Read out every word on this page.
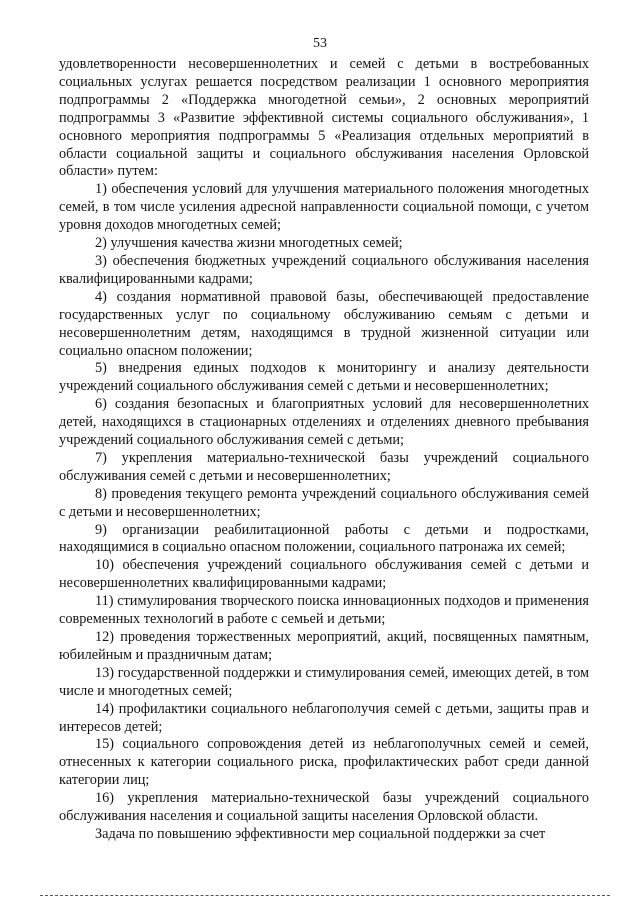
53

удовлетворенности несовершеннолетних и семей с детьми в востребованных социальных услугах решается посредством реализации 1 основного мероприятия подпрограммы 2 «Поддержка многодетной семьи», 2 основных мероприятий подпрограммы 3 «Развитие эффективной системы социального обслуживания», 1 основного мероприятия подпрограммы 5 «Реализация отдельных мероприятий в области социальной защиты и социального обслуживания населения Орловской области» путем:

1) обеспечения условий для улучшения материального положения многодетных семей, в том числе усиления адресной направленности социальной помощи, с учетом уровня доходов многодетных семей;

2) улучшения качества жизни многодетных семей;

3) обеспечения бюджетных учреждений социального обслуживания населения квалифицированными кадрами;

4) создания нормативной правовой базы, обеспечивающей предоставление государственных услуг по социальному обслуживанию семьям с детьми и несовершеннолетним детям, находящимся в трудной жизненной ситуации или социально опасном положении;

5) внедрения единых подходов к мониторингу и анализу деятельности учреждений социального обслуживания семей с детьми и несовершеннолетних;

6) создания безопасных и благоприятных условий для несовершеннолетних детей, находящихся в стационарных отделениях и отделениях дневного пребывания учреждений социального обслуживания семей с детьми;

7) укрепления материально-технической базы учреждений социального обслуживания семей с детьми и несовершеннолетних;

8) проведения текущего ремонта учреждений социального обслуживания семей с детьми и несовершеннолетних;

9) организации реабилитационной работы с детьми и подростками, находящимися в социально опасном положении, социального патронажа их семей;

10) обеспечения учреждений социального обслуживания семей с детьми и несовершеннолетних квалифицированными кадрами;

11) стимулирования творческого поиска инновационных подходов и применения современных технологий в работе с семьей и детьми;

12) проведения торжественных мероприятий, акций, посвященных памятным, юбилейным и праздничным датам;

13) государственной поддержки и стимулирования семей, имеющих детей, в том числе и многодетных семей;

14) профилактики социального неблагополучия семей с детьми, защиты прав и интересов детей;

15) социального сопровождения детей из неблагополучных семей и семей, отнесенных к категории социального риска, профилактических работ среди данной категории лиц;

16) укрепления материально-технической базы учреждений социального обслуживания населения и социальной защиты населения Орловской области.

Задача по повышению эффективности мер социальной поддержки за счет
